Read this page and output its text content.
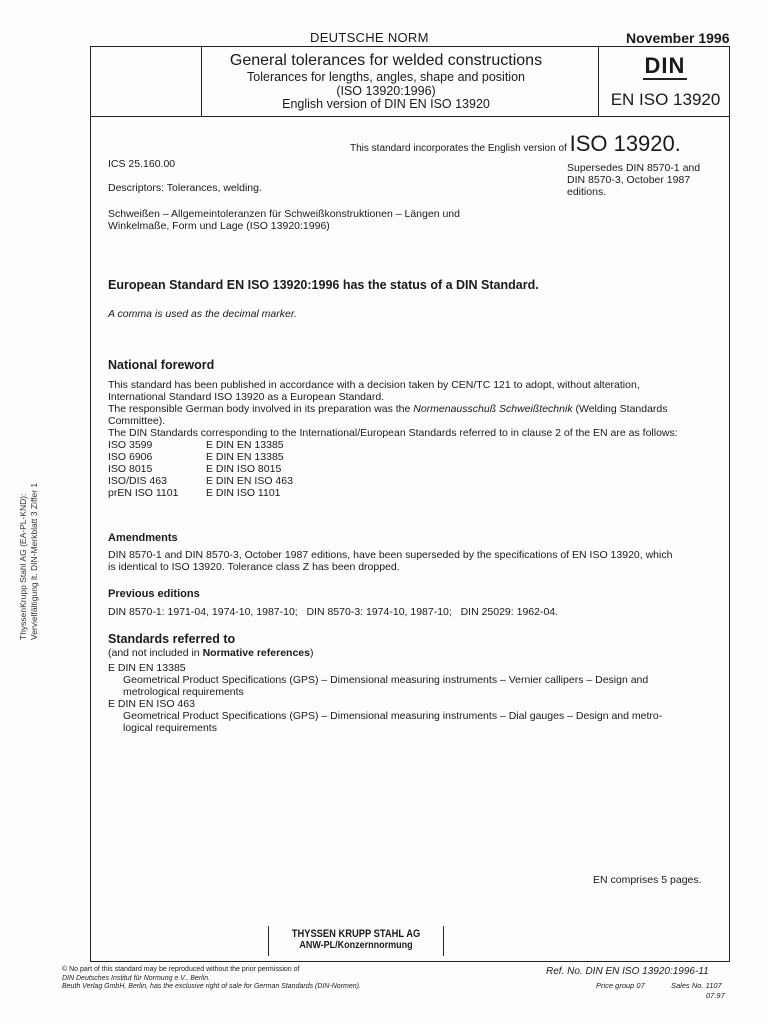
DEUTSCHE NORM	November 1996
General tolerances for welded constructions
Tolerances for lengths, angles, shape and position
(ISO 13920:1996)
English version of DIN EN ISO 13920
DIN
EN ISO 13920
ThyssenKrupp Stahl AG (EA-PL-KND): Vervielfältigung lt. DIN-Merkblatt 3 Ziffer 1
This standard incorporates the English version of ISO 13920.
ICS 25.160.00
Descriptors: Tolerances, welding.
Supersedes DIN 8570-1 and
DIN 8570-3, October 1987
editions.
Schweißen – Allgemeintoleranzen für Schweißkonstruktionen – Längen und
Winkelmaße, Form und Lage (ISO 13920:1996)
European Standard EN ISO 13920:1996 has the status of a DIN Standard.
A comma is used as the decimal marker.
National foreword
This standard has been published in accordance with a decision taken by CEN/TC 121 to adopt, without alteration,
International Standard ISO 13920 as a European Standard.
The responsible German body involved in its preparation was the Normenausschuß Schweißtechnik (Welding Standards
Committee).
The DIN Standards corresponding to the International/European Standards referred to in clause 2 of the EN are as follows:
ISO 3599	E DIN EN 13385
ISO 6906	E DIN EN 13385
ISO 8015	E DIN ISO 8015
ISO/DIS 463	E DIN EN ISO 463
prEN ISO 1101	E DIN ISO 1101
Amendments
DIN 8570-1 and DIN 8570-3, October 1987 editions, have been superseded by the specifications of EN ISO 13920, which
is identical to ISO 13920. Tolerance class Z has been dropped.
Previous editions
DIN 8570-1: 1971-04, 1974-10, 1987-10;   DIN 8570-3: 1974-10, 1987-10;   DIN 25029: 1962-04.
Standards referred to
(and not included in Normative references)
E DIN EN 13385
Geometrical Product Specifications (GPS) – Dimensional measuring instruments – Vernier callipers – Design and
metrological requirements
E DIN EN ISO 463
Geometrical Product Specifications (GPS) – Dimensional measuring instruments – Dial gauges – Design and metro-
logical requirements
EN comprises 5 pages.
THYSSEN KRUPP STAHL AG
ANW-PL/Konzernnormung
© No part of this standard may be reproduced without the prior permission of
DIN Deutsches Institut für Normung e.V., Berlin.
Beuth Verlag GmbH, Berlin, has the exclusive right of sale for German Standards (DIN-Normen).
Ref. No. DIN EN ISO 13920:1996-11
Price group 07	Sales No. 1107
07.97
